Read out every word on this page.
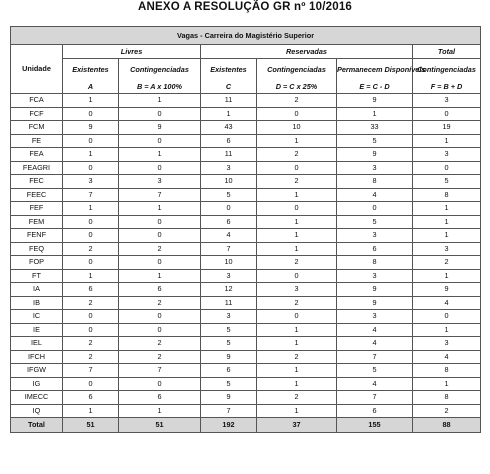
ANEXO A RESOLUÇÃO GR nº 10/2016
Vagas - Carreira do Magistério Superior						
Unidade	Livres		Reservadas			Total
	Existentes	Contingenciadas	Existentes	Contingenciadas	Permanecem Disponíveis	Contingenciadas
	A	B = A x 100%	C	D = C x 25%	E = C - D	F = B + D
FCA	1	1	11	2	9	3
FCF	0	0	1	0	1	0
FCM	9	9	43	10	33	19
FE	0	0	6	1	5	1
FEA	1	1	11	2	9	3
FEAGRI	0	0	3	0	3	0
FEC	3	3	10	2	8	5
FEEC	7	7	5	1	4	8
FEF	1	1	0	0	0	1
FEM	0	0	6	1	5	1
FENF	0	0	4	1	3	1
FEQ	2	2	7	1	6	3
FOP	0	0	10	2	8	2
FT	1	1	3	0	3	1
IA	6	6	12	3	9	9
IB	2	2	11	2	9	4
IC	0	0	3	0	3	0
IE	0	0	5	1	4	1
IEL	2	2	5	1	4	3
IFCH	2	2	9	2	7	4
IFGW	7	7	6	1	5	8
IG	0	0	5	1	4	1
IMECC	6	6	9	2	7	8
IQ	1	1	7	1	6	2
Total	51	51	192	37	155	88
